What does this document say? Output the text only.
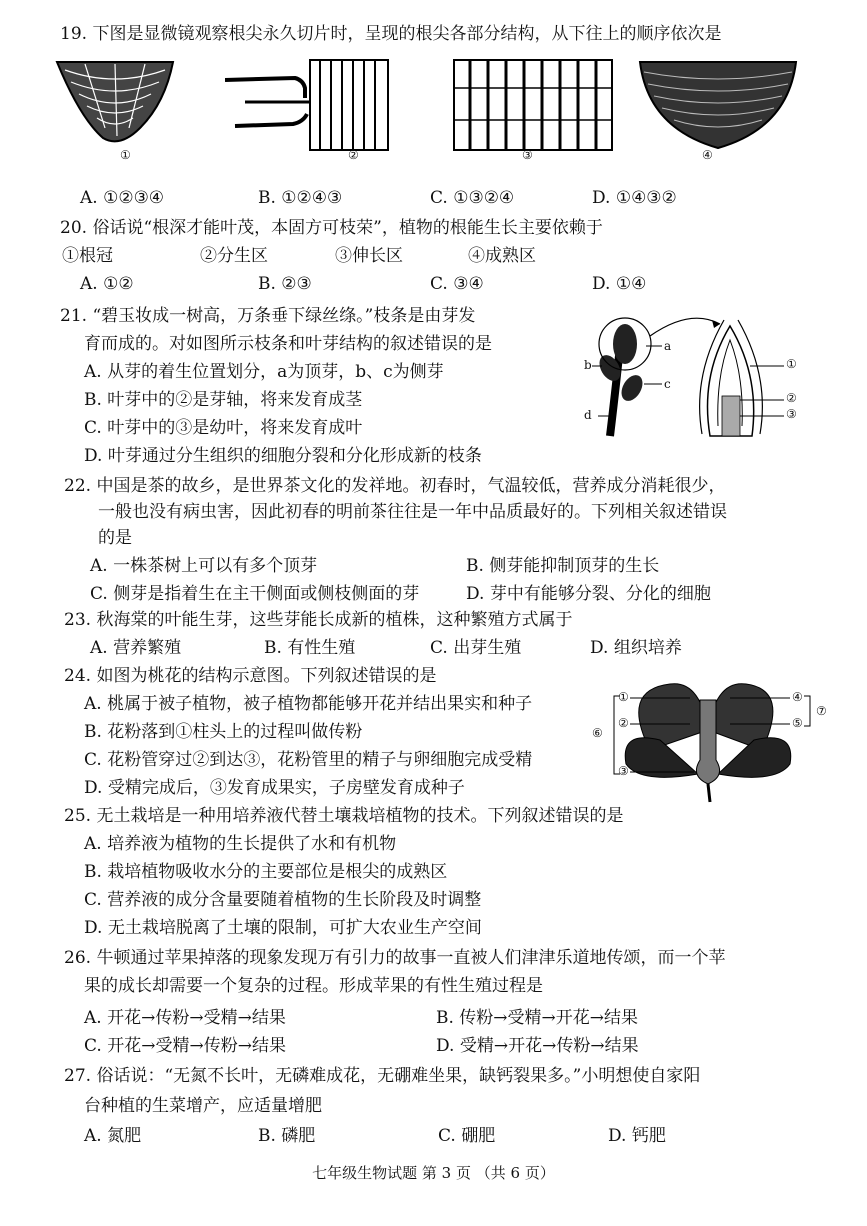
19. 下图是显微镜观察根尖永久切片时，呈现的根尖各部分结构，从下往上的顺序依次是
①	②	③	④
A. ①②③④	B. ①②④③	C. ①③②④	D. ①④③②
20. 俗话说“根深才能叶茂，本固方可枝荣”，植物的根能生长主要依赖于
①根冠	②分生区	③伸长区	④成熟区
A. ①②	B. ②③	C. ③④	D. ①④
21. “碧玉妆成一树高，万条垂下绿丝绦。”枝条是由芽发
育而成的。对如图所示枝条和叶芽结构的叙述错误的是
A. 从芽的着生位置划分，a为顶芽，b、c为侧芽
B. 叶芽中的②是芽轴，将来发育成茎
C. 叶芽中的③是幼叶，将来发育成叶
D. 叶芽通过分生组织的细胞分裂和分化形成新的枝条
a
b
c
d
①
②
③
22. 中国是茶的故乡，是世界茶文化的发祥地。初春时，气温较低，营养成分消耗很少，
一般也没有病虫害，因此初春的明前茶往往是一年中品质最好的。下列相关叙述错误
的是
A. 一株茶树上可以有多个顶芽	B. 侧芽能抑制顶芽的生长
C. 侧芽是指着生在主干侧面或侧枝侧面的芽	D. 芽中有能够分裂、分化的细胞
23. 秋海棠的叶能生芽，这些芽能长成新的植株，这种繁殖方式属于
A. 营养繁殖	B. 有性生殖	C. 出芽生殖	D. 组织培养
24. 如图为桃花的结构示意图。下列叙述错误的是
A. 桃属于被子植物，被子植物都能够开花并结出果实和种子
B. 花粉落到①柱头上的过程叫做传粉
C. 花粉管穿过②到达③，花粉管里的精子与卵细胞完成受精
D. 受精完成后，③发育成果实，子房壁发育成种子
①
②
③
④
⑤
⑥
⑦
25. 无土栽培是一种用培养液代替土壤栽培植物的技术。下列叙述错误的是
A. 培养液为植物的生长提供了水和有机物
B. 栽培植物吸收水分的主要部位是根尖的成熟区
C. 营养液的成分含量要随着植物的生长阶段及时调整
D. 无土栽培脱离了土壤的限制，可扩大农业生产空间
26. 牛顿通过苹果掉落的现象发现万有引力的故事一直被人们津津乐道地传颂，而一个苹
果的成长却需要一个复杂的过程。形成苹果的有性生殖过程是
A. 开花→传粉→受精→结果	B. 传粉→受精→开花→结果
C. 开花→受精→传粉→结果	D. 受精→开花→传粉→结果
27. 俗话说：“无氮不长叶，无磷难成花，无硼难坐果，缺钙裂果多。”小明想使自家阳
台种植的生菜增产，应适量增肥
A. 氮肥	B. 磷肥	C. 硼肥	D. 钙肥
七年级生物试题 第 3 页 （共 6 页）
